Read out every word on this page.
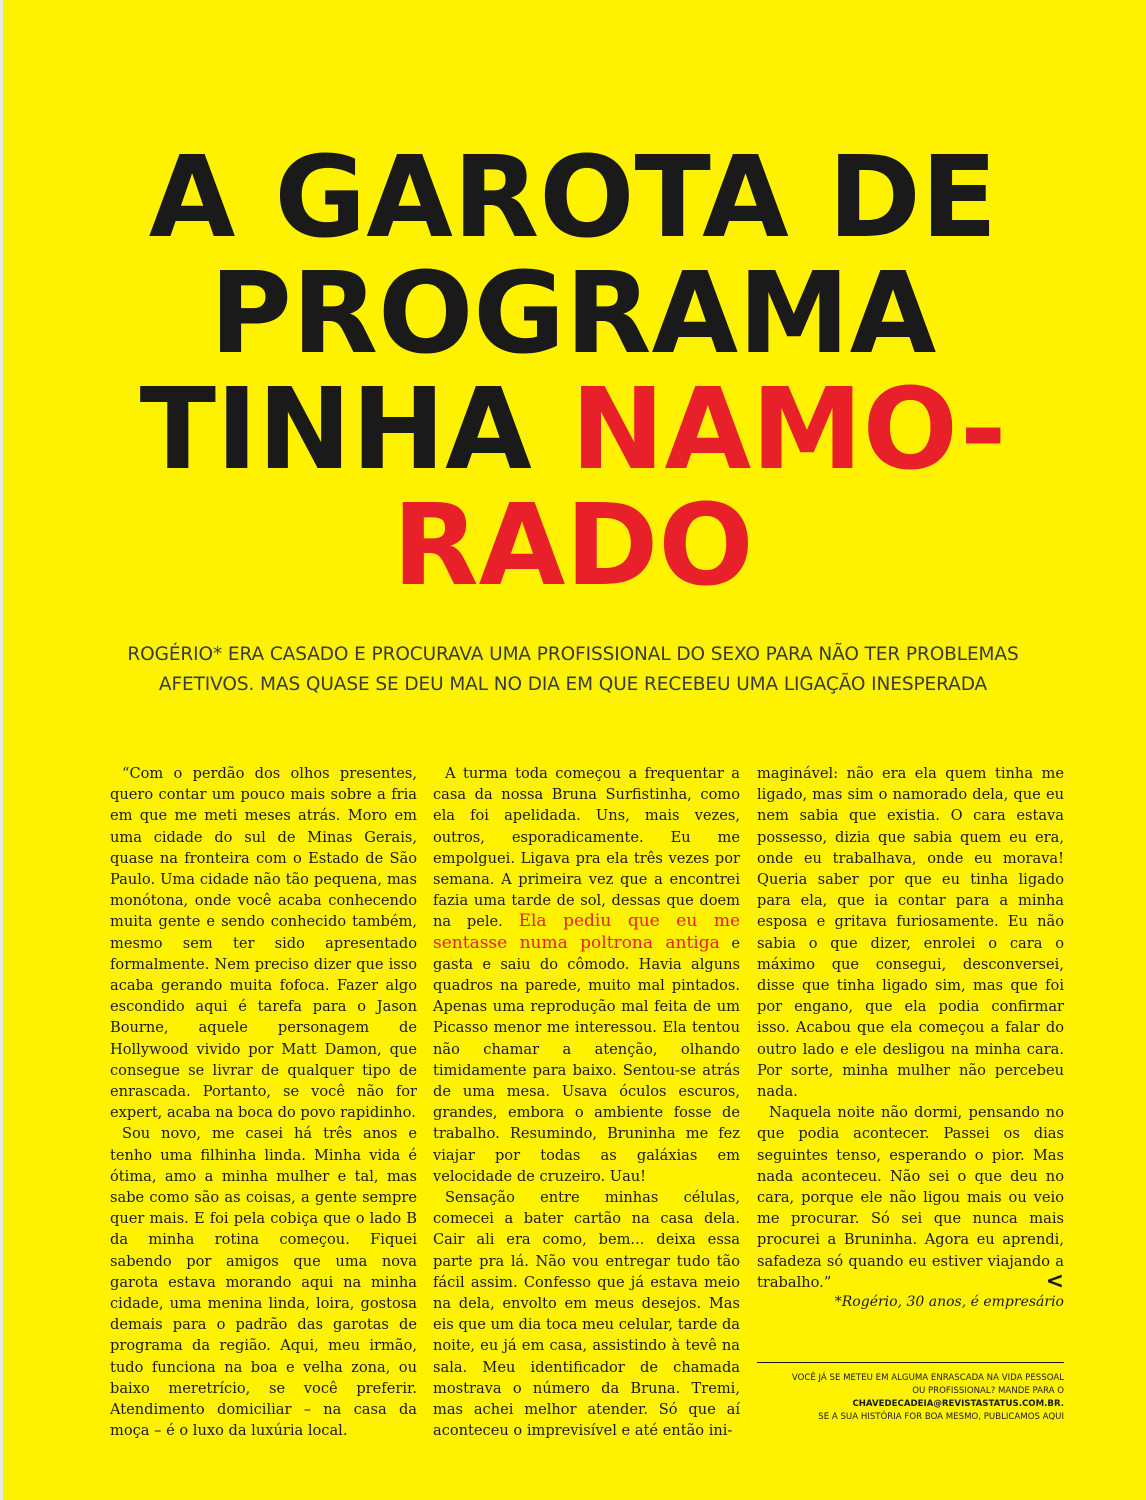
A GAROTA DE
PROGRAMA
TINHA NAMO-
RADO
ROGÉRIO* ERA CASADO E PROCURAVA UMA PROFISSIONAL DO SEXO PARA NÃO TER PROBLEMAS
AFETIVOS. MAS QUASE SE DEU MAL NO DIA EM QUE RECEBEU UMA LIGAÇÃO INESPERADA

“Com o perdão dos olhos presentes, quero contar um pouco mais sobre a fria em que me meti meses atrás. Moro em uma cidade do sul de Minas Gerais, quase na fronteira com o Estado de São Paulo. Uma cidade não tão pequena, mas monótona, onde você acaba conhecendo muita gente e sendo conhecido também, mesmo sem ter sido apresentado formalmente. Nem preciso dizer que isso acaba gerando muita fofoca. Fazer algo escondido aqui é tarefa para o Jason Bourne, aquele personagem de Hollywood vivido por Matt Damon, que consegue se livrar de qualquer tipo de enrascada. Portanto, se você não for expert, acaba na boca do povo rapidinho.

Sou novo, me casei há três anos e tenho uma filhinha linda. Minha vida é ótima, amo a minha mulher e tal, mas sabe como são as coisas, a gente sempre quer mais. E foi pela cobiça que o lado B da minha rotina começou. Fiquei sabendo por amigos que uma nova garota estava morando aqui na minha cidade, uma menina linda, loira, gostosa demais para o padrão das garotas de programa da região. Aqui, meu irmão, tudo funciona na boa e velha zona, ou baixo meretrício, se você preferir. Atendimento domiciliar – na casa da moça – é o luxo da luxúria local.

A turma toda começou a frequentar a casa da nossa Bruna Surfistinha, como ela foi apelidada. Uns, mais vezes, outros, esporadicamente. Eu me empolguei. Ligava pra ela três vezes por semana. A primeira vez que a encontrei fazia uma tarde de sol, dessas que doem na pele. Ela pediu que eu me sentasse numa poltrona antiga e gasta e saiu do cômodo. Havia alguns quadros na parede, muito mal pintados. Apenas uma reprodução mal feita de um Picasso menor me interessou. Ela tentou não chamar a atenção, olhando timidamente para baixo. Sentou-se atrás de uma mesa. Usava óculos escuros, grandes, embora o ambiente fosse de trabalho. Resumindo, Bruninha me fez viajar por todas as galáxias em velocidade de cruzeiro. Uau!

Sensação entre minhas células, comecei a bater cartão na casa dela. Cair ali era como, bem... deixa essa parte pra lá. Não vou entregar tudo tão fácil assim. Confesso que já estava meio na dela, envolto em meus desejos. Mas eis que um dia toca meu celular, tarde da noite, eu já em casa, assistindo à tevê na sala. Meu identificador de chamada mostrava o número da Bruna. Tremi, mas achei melhor atender. Só que aí aconteceu o imprevisível e até então ini-

maginável: não era ela quem tinha me ligado, mas sim o namorado dela, que eu nem sabia que existia. O cara estava possesso, dizia que sabia quem eu era, onde eu trabalhava, onde eu morava! Queria saber por que eu tinha ligado para ela, que ia contar para a minha esposa e gritava furiosamente. Eu não sabia o que dizer, enrolei o cara o máximo que consegui, desconversei, disse que tinha ligado sim, mas que foi por engano, que ela podia confirmar isso. Acabou que ela começou a falar do outro lado e ele desligou na minha cara. Por sorte, minha mulher não percebeu nada.

Naquela noite não dormi, pensando no que podia acontecer. Passei os dias seguintes tenso, esperando o pior. Mas nada aconteceu. Não sei o que deu no cara, porque ele não ligou mais ou veio me procurar. Só sei que nunca mais procurei a Bruninha. Agora eu aprendi, safadeza só quando eu estiver viajando a trabalho.”	<

*Rogério, 30 anos, é empresário
VOCÊ JÁ SE METEU EM ALGUMA ENRASCADA NA VIDA PESSOAL
OU PROFISSIONAL? MANDE PARA O
CHAVEDECADEIA@REVISTASTATUS.COM.BR.
SE A SUA HISTÓRIA FOR BOA MESMO, PUBLICAMOS AQUI
